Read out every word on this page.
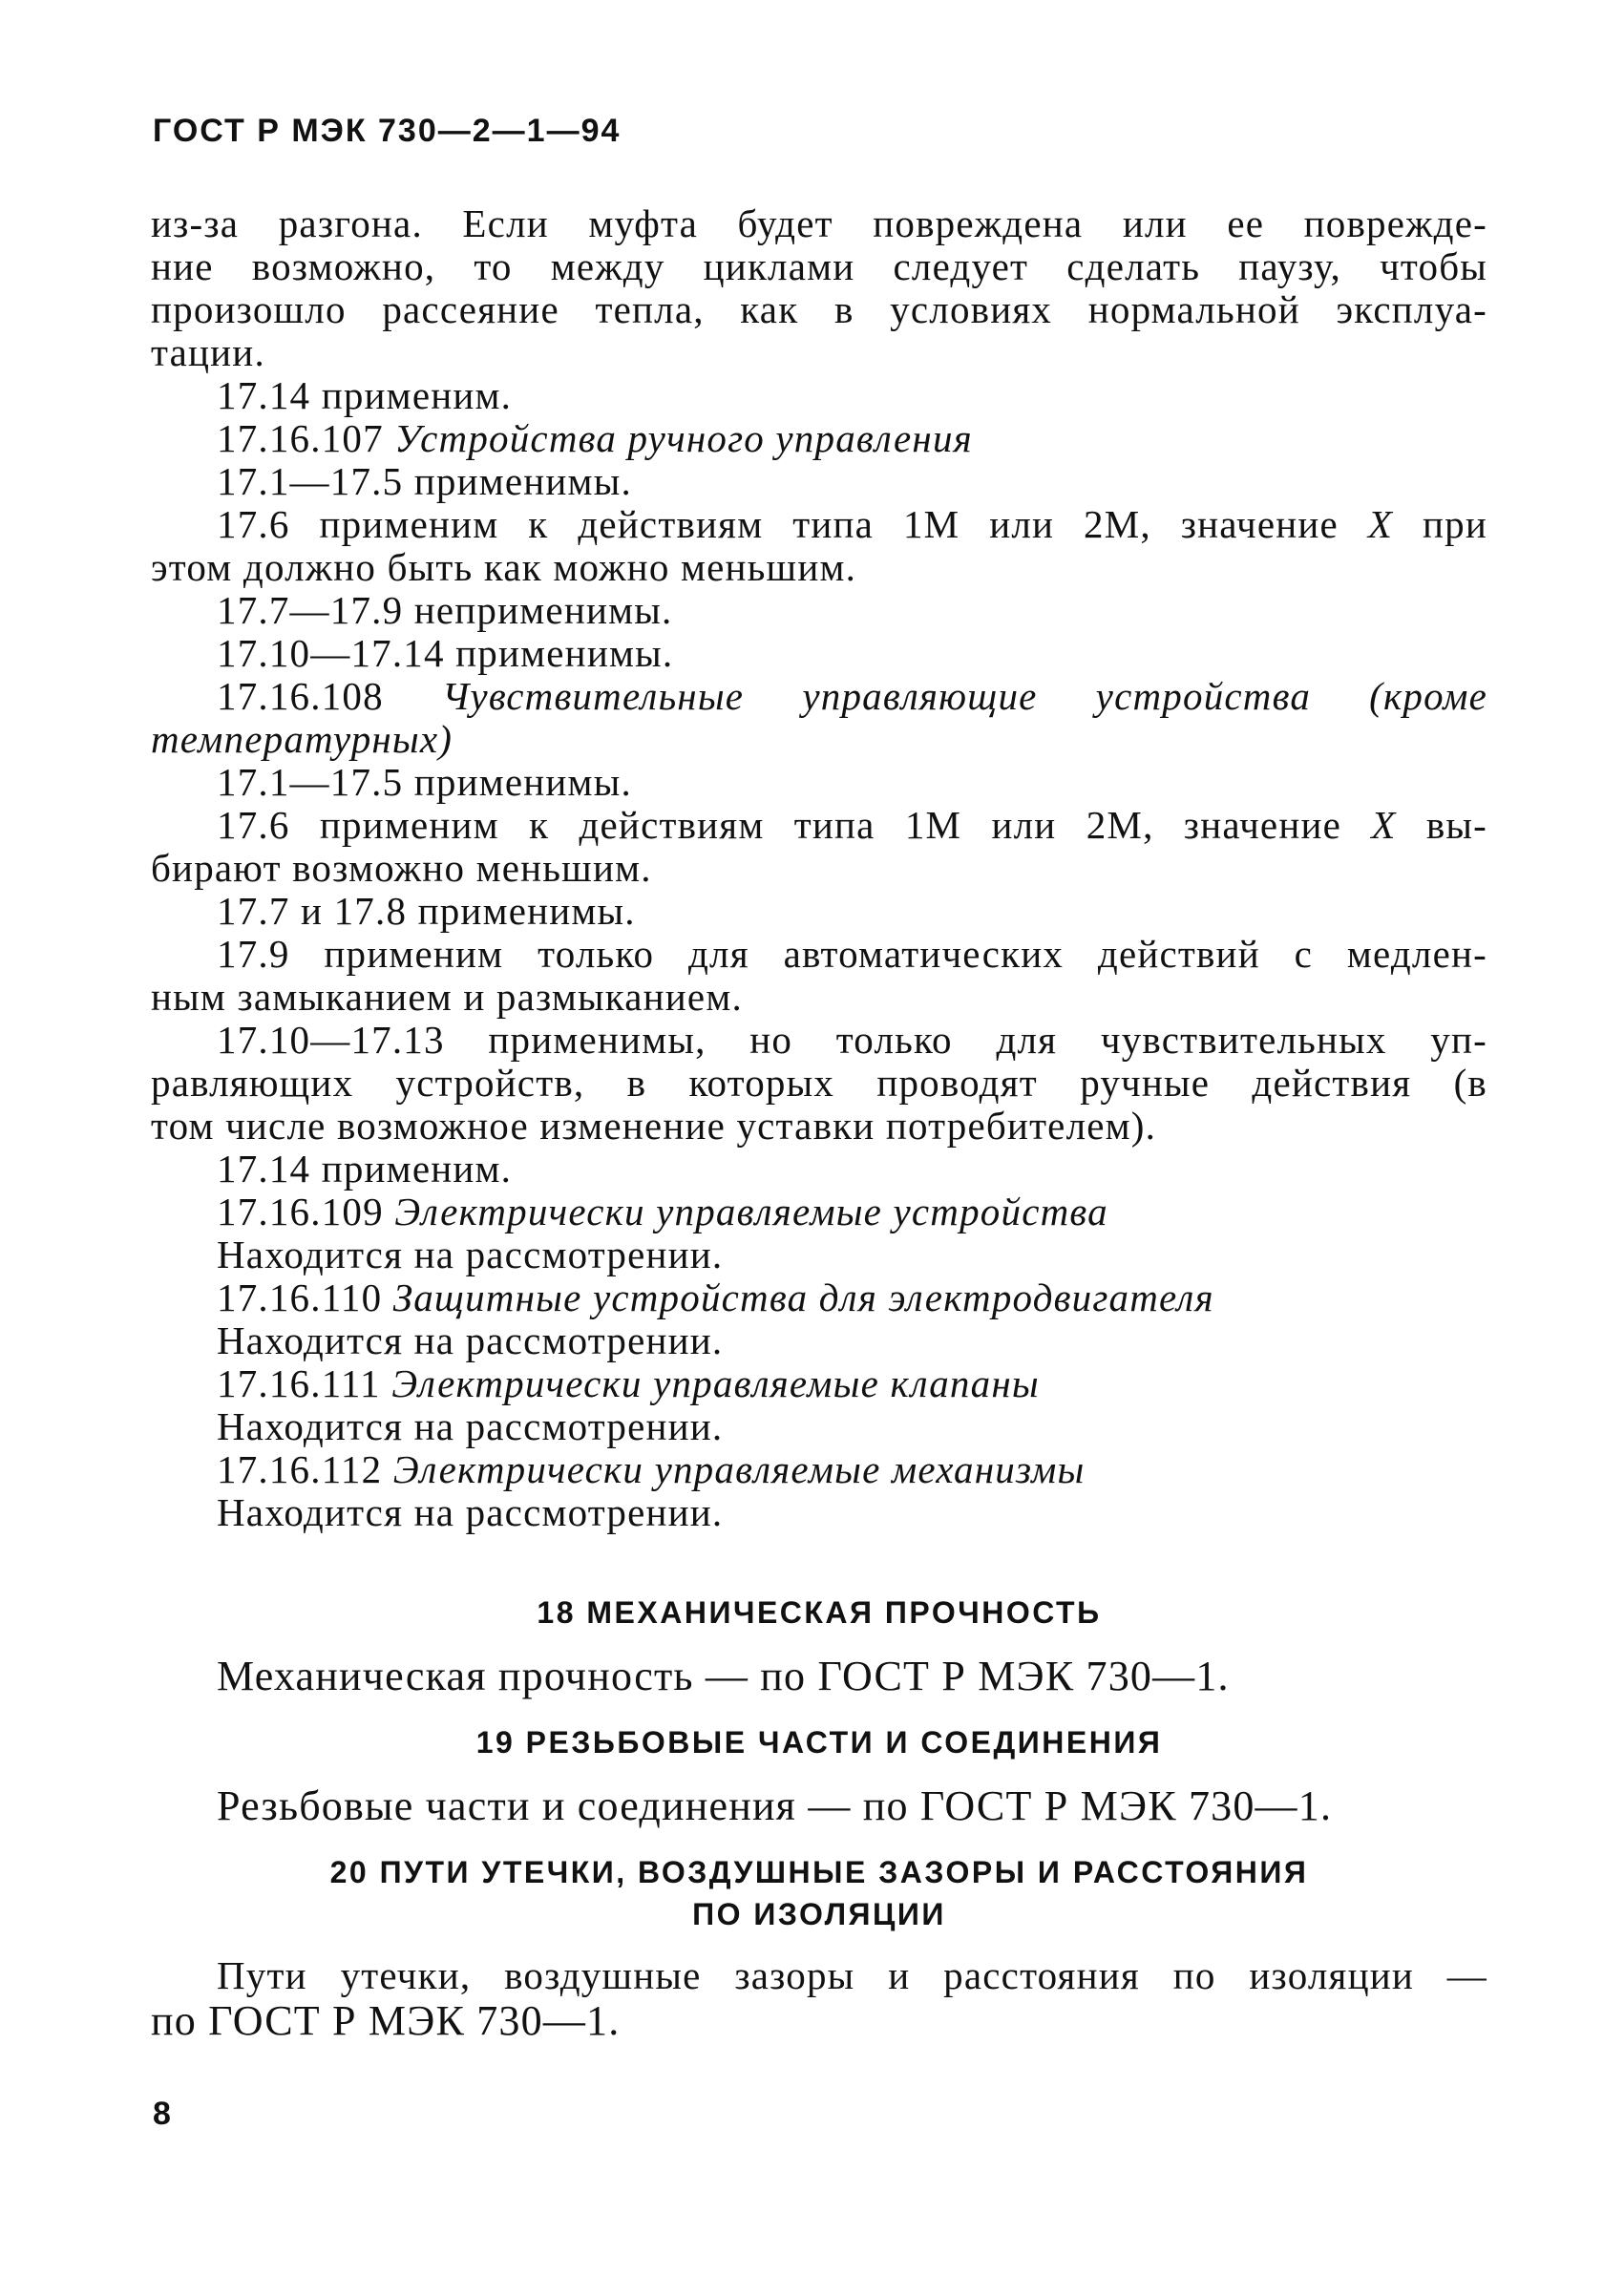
ГОСТ Р МЭК 730—2—1—94

из-за разгона. Если муфта будет повреждена или ее поврежде-

ние возможно, то между циклами следует сделать паузу, чтобы

произошло рассеяние тепла, как в условиях нормальной эксплуа-

тации.

17.14 применим.

17.16.107 Устройства ручного управления

17.1—17.5 применимы.

17.6 применим к действиям типа 1М или 2М, значение X при

этом должно быть как можно меньшим.

17.7—17.9 неприменимы.

17.10—17.14 применимы.

17.16.108 Чувствительные управляющие устройства (кроме

температурных)

17.1—17.5 применимы.

17.6 применим к действиям типа 1М или 2М, значение X вы-

бирают возможно меньшим.

17.7 и 17.8 применимы.

17.9 применим только для автоматических действий с медлен-

ным замыканием и размыканием.

17.10—17.13 применимы, но только для чувствительных уп-

равляющих устройств, в которых проводят ручные действия (в

том числе возможное изменение уставки потребителем).

17.14 применим.

17.16.109 Электрически управляемые устройства

Находится на рассмотрении.

17.16.110 Защитные устройства для электродвигателя

Находится на рассмотрении.

17.16.111 Электрически управляемые клапаны

Находится на рассмотрении.

17.16.112 Электрически управляемые механизмы

Находится на рассмотрении.

18 МЕХАНИЧЕСКАЯ ПРОЧНОСТЬ

Механическая прочность — по ГОСТ Р МЭК 730—1.

19 РЕЗЬБОВЫЕ ЧАСТИ И СОЕДИНЕНИЯ

Резьбовые части и соединения — по ГОСТ Р МЭК 730—1.

20 ПУТИ УТЕЧКИ, ВОЗДУШНЫЕ ЗАЗОРЫ И РАССТОЯНИЯ
ПО ИЗОЛЯЦИИ

Пути утечки, воздушные зазоры и расстояния по изоляции —

по ГОСТ Р МЭК 730—1.

8
